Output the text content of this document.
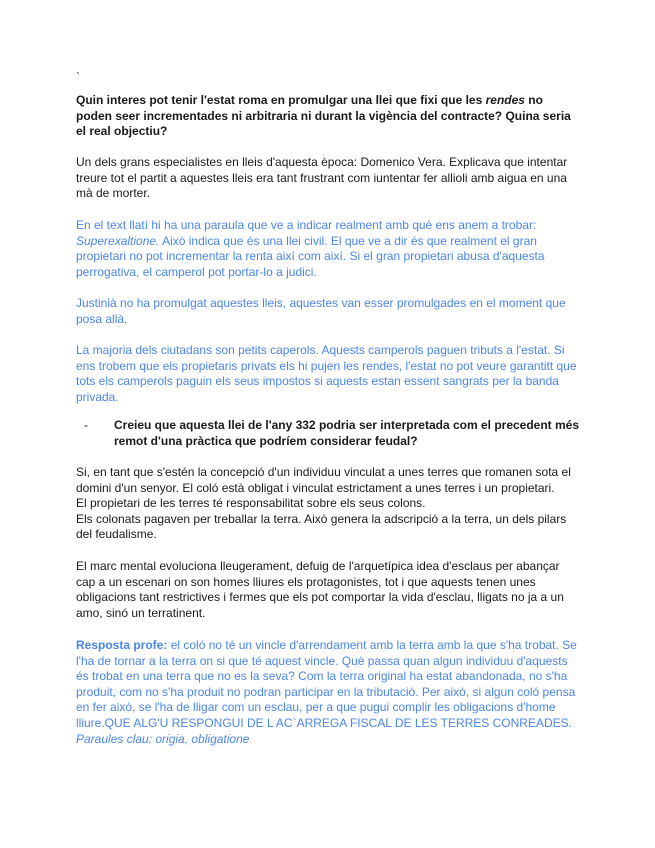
`

Quin interes pot tenir l'estat roma en promulgar una llei que fixi que les rendes no poden seer incrementades ni arbitraria ni durant la vigència del contracte? Quina seria el real objectiu?

Un dels grans especialistes en lleis d'aquesta època: Domenico Vera. Explicava que intentar treure tot el partit a aquestes lleis era tant frustrant com iuntentar fer allioli amb aigua en una mà de morter.

En el text llatí hi ha una paraula que ve a indicar realment amb què ens anem a trobar: Superexaltione. Això indica que és una llei civil. El que ve a dir és que realment el gran propietari no pot incrementar la renta així com així. Si el gran propietari abusa d'aquesta perrogativa, el camperol pot portar-lo a judici.

Justinià no ha promulgat aquestes lleis, aquestes van esser promulgades en el moment que posa allà.

La majoria dels ciutadans son petits caperols. Aquests camperols paguen tributs a l'estat. Si ens trobem que els propietaris privats els hi pujen les rendes, l'estat no pot veure garantitt que tots els camperols paguin els seus impostos si aquests estan essent sangrats per la banda privada.

-	Creieu que aquesta llei de l'any 332 podria ser interpretada com el precedent més remot d'una pràctica que podríem considerar feudal?

Si, en tant que s'estén la concepció d'un individuu vinculat a unes terres que romanen sota el domini d'un senyor. El coló està obligat i vinculat estrictament a unes terres i un propietari.

El propietari de les terres té responsabilitat sobre els seus colons.

Els colonats pagaven per treballar la terra. Això genera la adscripció a la terra, un dels pilars del feudalisme.

El marc mental evoluciona lleugerament, defuig de l'arquetípica idea d'esclaus per abançar cap a un escenari on son homes lliures els protagonistes, tot i que aquests tenen unes obligacions tant restrictives i fermes que els pot comportar la vida d'esclau, lligats no ja a un amo, sinó un terratinent.

Resposta profe: el coló no té un vincle d'arrendament amb la terra amb la que s'ha trobat. Se l'ha de tornar a la terra on si que té aquest vincle. Què passa quan algun individuu d'aquests és trobat en una terra que no es la seva? Com la terra original ha estat abandonada, no s'ha produit, com no s'ha produit no podran participar en la tributació. Per això, si algun coló pensa en fer això, se l'ha de lligar com un esclau, per a que pugui complir les obligacions d'home lliure.QUE ALG'U RESPONGUI DE L AC`ARREGA FISCAL DE LES TERRES CONREADES.

Paraules clau: origia, obligatione
